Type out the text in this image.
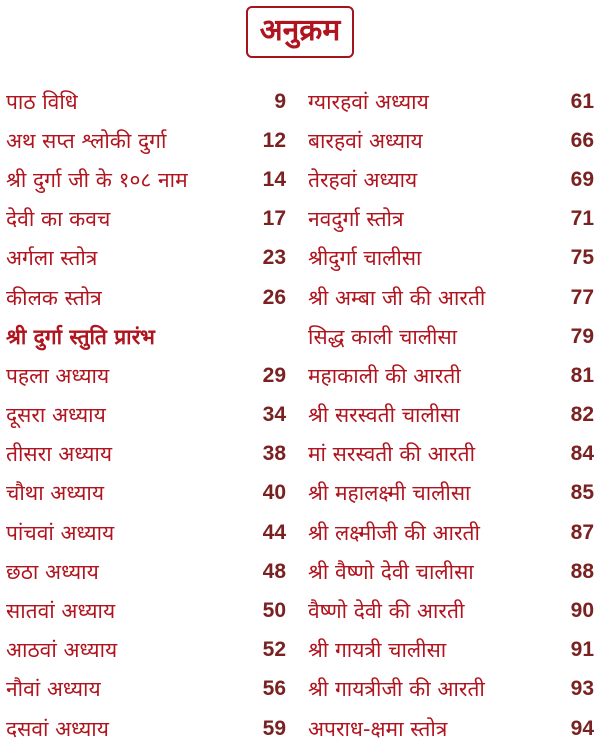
अनुक्रम
पाठ विधि	9
अथ सप्त श्लोकी दुर्गा	12
श्री दुर्गा जी के १०८ नाम	14
देवी का कवच	17
अर्गला स्तोत्र	23
कीलक स्तोत्र	26
श्री दुर्गा स्तुति प्रारंभ
पहला अध्याय	29
दूसरा अध्याय	34
तीसरा अध्याय	38
चौथा अध्याय	40
पांचवां अध्याय	44
छठा अध्याय	48
सातवां अध्याय	50
आठवां अध्याय	52
नौवां अध्याय	56
दसवां अध्याय	59
ग्यारहवां अध्याय	61
बारहवां अध्याय	66
तेरहवां अध्याय	69
नवदुर्गा स्तोत्र	71
श्रीदुर्गा चालीसा	75
श्री अम्बा जी की आरती	77
सिद्ध काली चालीसा	79
महाकाली की आरती	81
श्री सरस्वती चालीसा	82
मां सरस्वती की आरती	84
श्री महालक्ष्मी चालीसा	85
श्री लक्ष्मीजी की आरती	87
श्री वैष्णो देवी चालीसा	88
वैष्णो देवी की आरती	90
श्री गायत्री चालीसा	91
श्री गायत्रीजी की आरती	93
अपराध-क्षमा स्तोत्र	94
